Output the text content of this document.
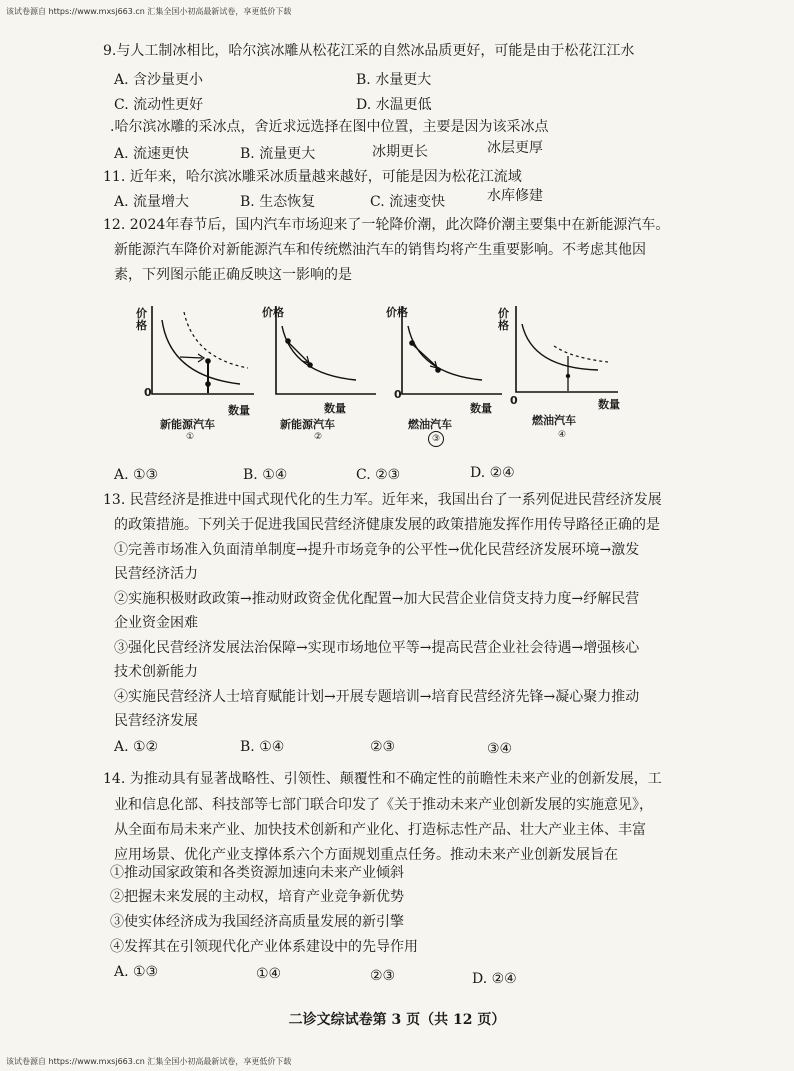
该试卷源自 https://www.mxsj663.cn 汇集全国小初高最新试卷，享更低价下载
9.与人工制冰相比，哈尔滨冰雕从松花江采的自然冰品质更好，可能是由于松花江江水
A. 含沙量更小	B. 水量更大
C. 流动性更好	D. 水温更低
.哈尔滨冰雕的采冰点，舍近求远选择在图中位置，主要是因为该采冰点
A. 流速更快	B. 流量更大	冰期更长	冰层更厚
11. 近年来，哈尔滨冰雕采冰质量越来越好，可能是因为松花江流域
A. 流量增大	B. 生态恢复	C. 流速变快	水库修建
12. 2024年春节后，国内汽车市场迎来了一轮降价潮，此次降价潮主要集中在新能源汽车。
新能源汽车降价对新能源汽车和传统燃油汽车的销售均将产生重要影响。不考虑其他因
素，下列图示能正确反映这一影响的是
价格
0
数量
新能源汽车
①
价格
数量
新能源汽车
②
价格
0
数量
燃油汽车
③
价格
0	数量
燃油汽车
④
A. ①③	B. ①④	C. ②③	D. ②④
13. 民营经济是推进中国式现代化的生力军。近年来，我国出台了一系列促进民营经济发展
的政策措施。下列关于促进我国民营经济健康发展的政策措施发挥作用传导路径正确的是
①完善市场准入负面清单制度→提升市场竞争的公平性→优化民营经济发展环境→激发
民营经济活力
②实施积极财政政策→推动财政资金优化配置→加大民营企业信贷支持力度→纾解民营
企业资金困难
③强化民营经济发展法治保障→实现市场地位平等→提高民营企业社会待遇→增强核心
技术创新能力
④实施民营经济人士培育赋能计划→开展专题培训→培育民营经济先锋→凝心聚力推动
民营经济发展
A. ①②	B. ①④	②③	③④
14. 为推动具有显著战略性、引领性、颠覆性和不确定性的前瞻性未来产业的创新发展，工
业和信息化部、科技部等七部门联合印发了《关于推动未来产业创新发展的实施意见》，
从全面布局未来产业、加快技术创新和产业化、打造标志性产品、壮大产业主体、丰富
应用场景、优化产业支撑体系六个方面规划重点任务。推动未来产业创新发展旨在
①推动国家政策和各类资源加速向未来产业倾斜
②把握未来发展的主动权，培育产业竞争新优势
③使实体经济成为我国经济高质量发展的新引擎
④发挥其在引领现代化产业体系建设中的先导作用
A. ①③	①④	②③	D. ②④
二诊文综试卷第 3 页（共 12 页）
该试卷源自 https://www.mxsj663.cn 汇集全国小初高最新试卷，享更低价下载
